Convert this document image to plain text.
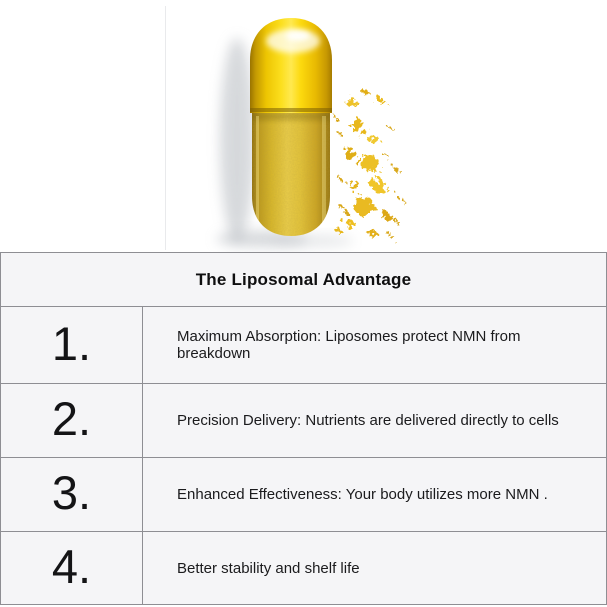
The Liposomal Advantage
1.	Maximum Absorption: Liposomes protect NMN from breakdown
2.	Precision Delivery: Nutrients are delivered directly to cells
3.	Enhanced Effectiveness: Your body utilizes more NMN .
4.	Better stability and shelf life
